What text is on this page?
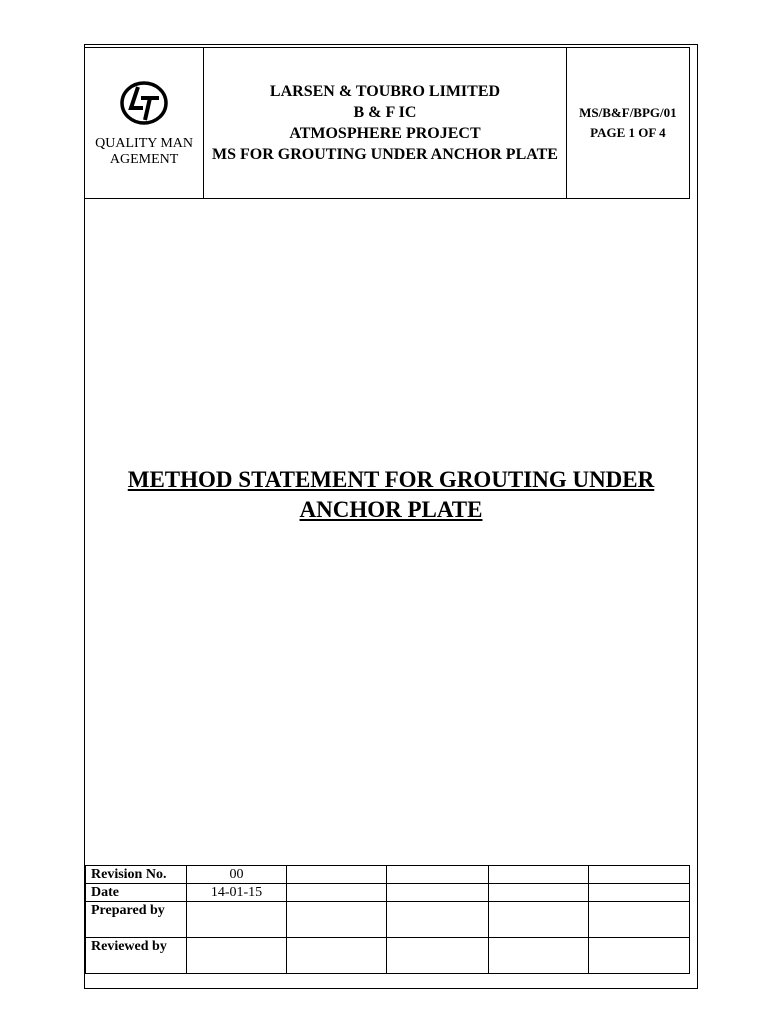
QUALITY MANAGEMENT

LARSEN & TOUBRO LIMITED
B & F IC
ATMOSPHERE PROJECT
MS FOR GROUTING UNDER ANCHOR PLATE

MS/B&F/BPG/01
PAGE 1 OF 4
METHOD STATEMENT FOR GROUTING UNDER
ANCHOR PLATE
Revision No.	00				
Date	14-01-15				
Prepared by					
Reviewed by					
